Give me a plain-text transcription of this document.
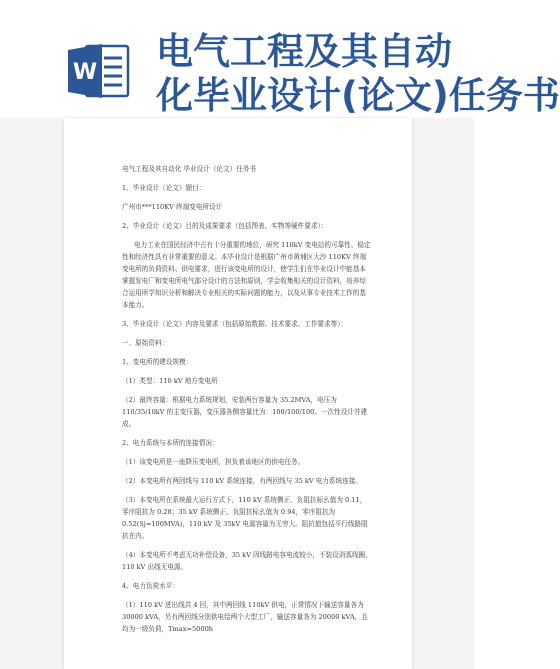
W 电气工程及其自动
化毕业设计(论文)任务书

电气工程及其自动化 毕业设计（论文）任务书

1、毕业设计（论文）题目：

广州市***110KV 终端变电所设计

2、毕业设计（论文）目的及成果要求（包括图表、实物等硬件要求）：

电力工业在国民经济中占有十分重要的地位，研究 110kV 变电站的可靠性、稳定性和经济性具有非常重要的意义。本毕业设计是根据广州市黄埔区大沙 110KV 终端变电所的负荷资料、供电要求，进行该变电所的设计，使学生们在毕业设计中能基本掌握发电厂和变电所电气部分设计的方法和原则，学会收集相关的设计资料，培养综合运用所学知识分析和解决专业相关的实际问题的能力，以及从事专业技术工作的基本能力。

3、毕业设计（论文）内容及要求（包括原始数据、技术要求、工作要求等）：

一、原始资料：

1、变电所的建设规模：

（1）类型：110 kV 地方变电所

（2）最终容量：根据电力系统规划，安装两台容量为 35.2MVA，电压为 110/35/10kV 的主变压器，变压器各侧容量比为：100/100/100。一次性设计并建成。

2、电力系统与本所的连接情况：

（1）该变电所是一座降压变电所，担负着该地区的供电任务。

（2）本变电所有两回线与 110 kV 系统连接，有两回线与 35 kV 电力系统连接。

（3）本变电所在系统最大运行方式下，110 kV 系统侧正、负阻抗标幺值为 0.11，零序阻抗为 0.28；35 kV 系统侧正、负阻抗标幺值为 0.94，零序阻抗为 0.52(Sj=100MVA)，110 kV 及 35kV 电源容量为无穷大。阻抗值包括平行线路阻抗在内。

（4）本变电所不考虑无功补偿设备，35 kV 因线路电容电流较小，不装设消弧线圈，110 kV 出线无电源。

4、电力负荷水平：

（1）110 kV 进出线共 4 回，其中两回线 110kV 供电，正常情况下输送容量各为 30000 kVA，另有两回线分别供电给两个大型工厂，输送容量各为 20000 kVA，且均为一级负荷，Tmax=5000h
